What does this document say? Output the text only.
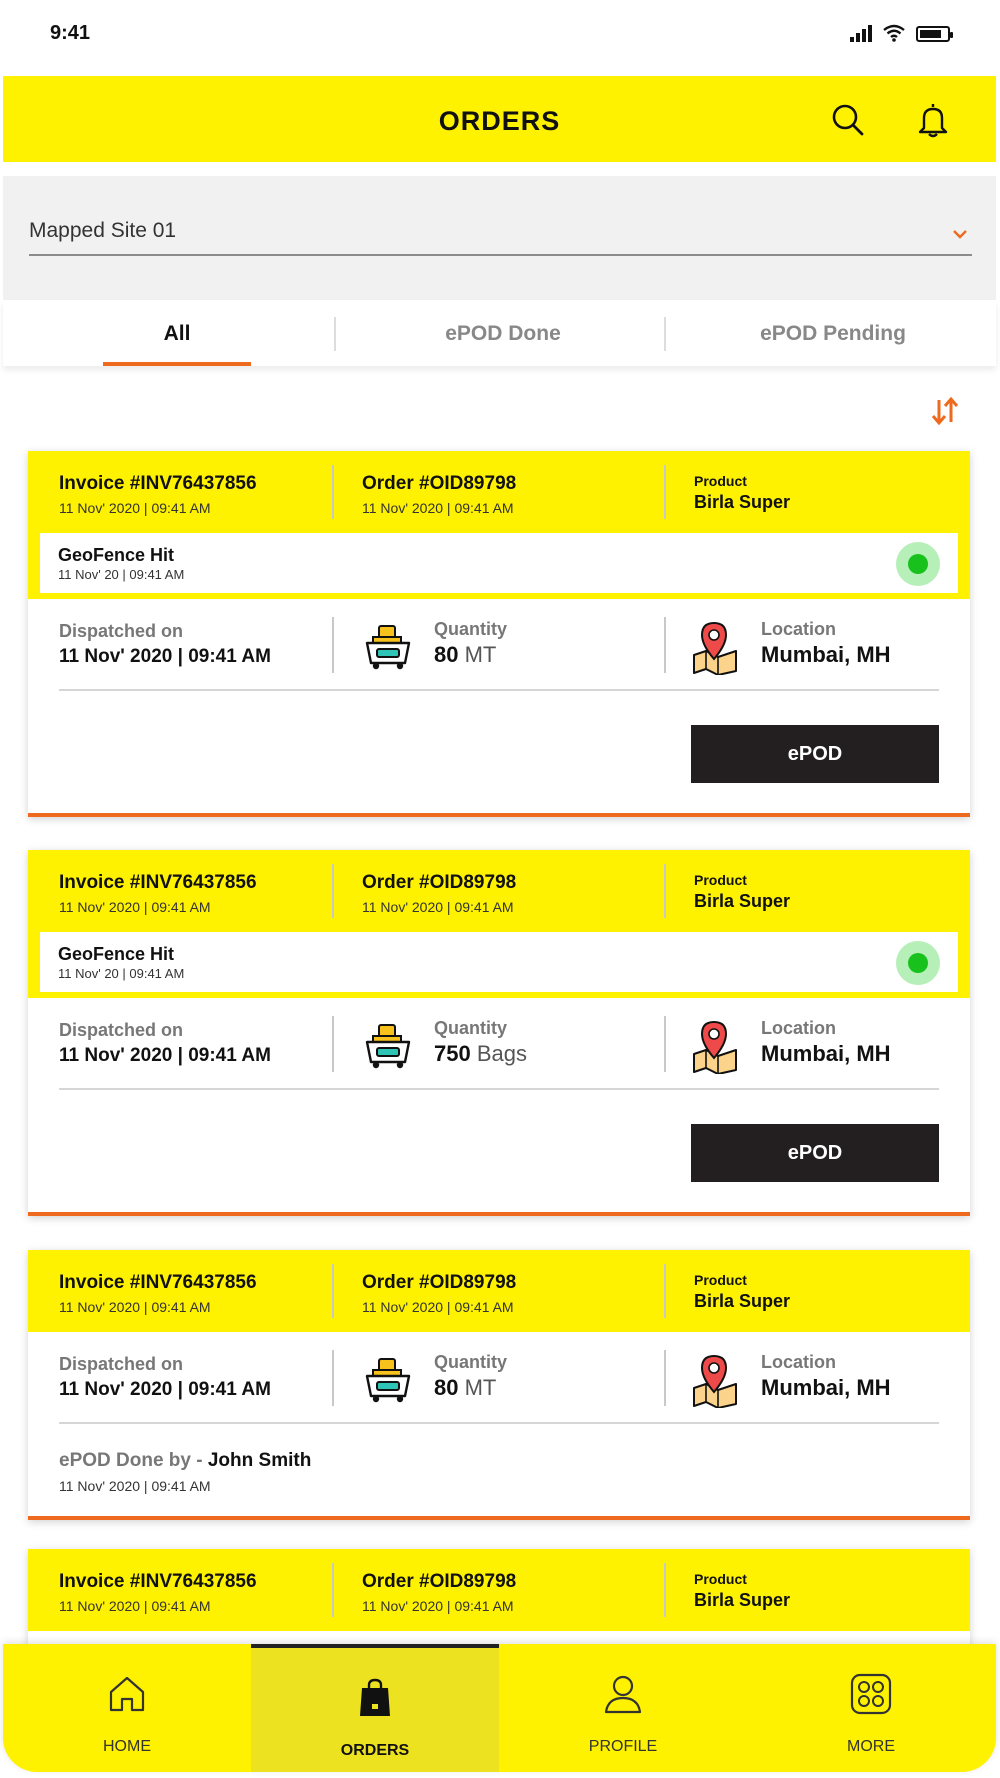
9:41
ORDERS
Mapped Site 01
All	ePOD Done	ePOD Pending
Invoice #INV76437856
11 Nov' 2020 | 09:41 AM
Order #OID89798
11 Nov' 2020 | 09:41 AM
Product
Birla Super
GeoFence Hit
11 Nov' 20 | 09:41 AM
Dispatched on
11 Nov' 2020 | 09:41 AM
Quantity
80 MT
Location
Mumbai, MH
ePOD
Invoice #INV76437856
11 Nov' 2020 | 09:41 AM
Order #OID89798
11 Nov' 2020 | 09:41 AM
Product
Birla Super
GeoFence Hit
11 Nov' 20 | 09:41 AM
Dispatched on
11 Nov' 2020 | 09:41 AM
Quantity
750 Bags
Location
Mumbai, MH
ePOD
Invoice #INV76437856
11 Nov' 2020 | 09:41 AM
Order #OID89798
11 Nov' 2020 | 09:41 AM
Product
Birla Super
Dispatched on
11 Nov' 2020 | 09:41 AM
Quantity
80 MT
Location
Mumbai, MH
ePOD Done by - John Smith
11 Nov' 2020 | 09:41 AM
Invoice #INV76437856
11 Nov' 2020 | 09:41 AM
Order #OID89798
11 Nov' 2020 | 09:41 AM
Product
Birla Super
HOME	ORDERS	PROFILE	MORE
